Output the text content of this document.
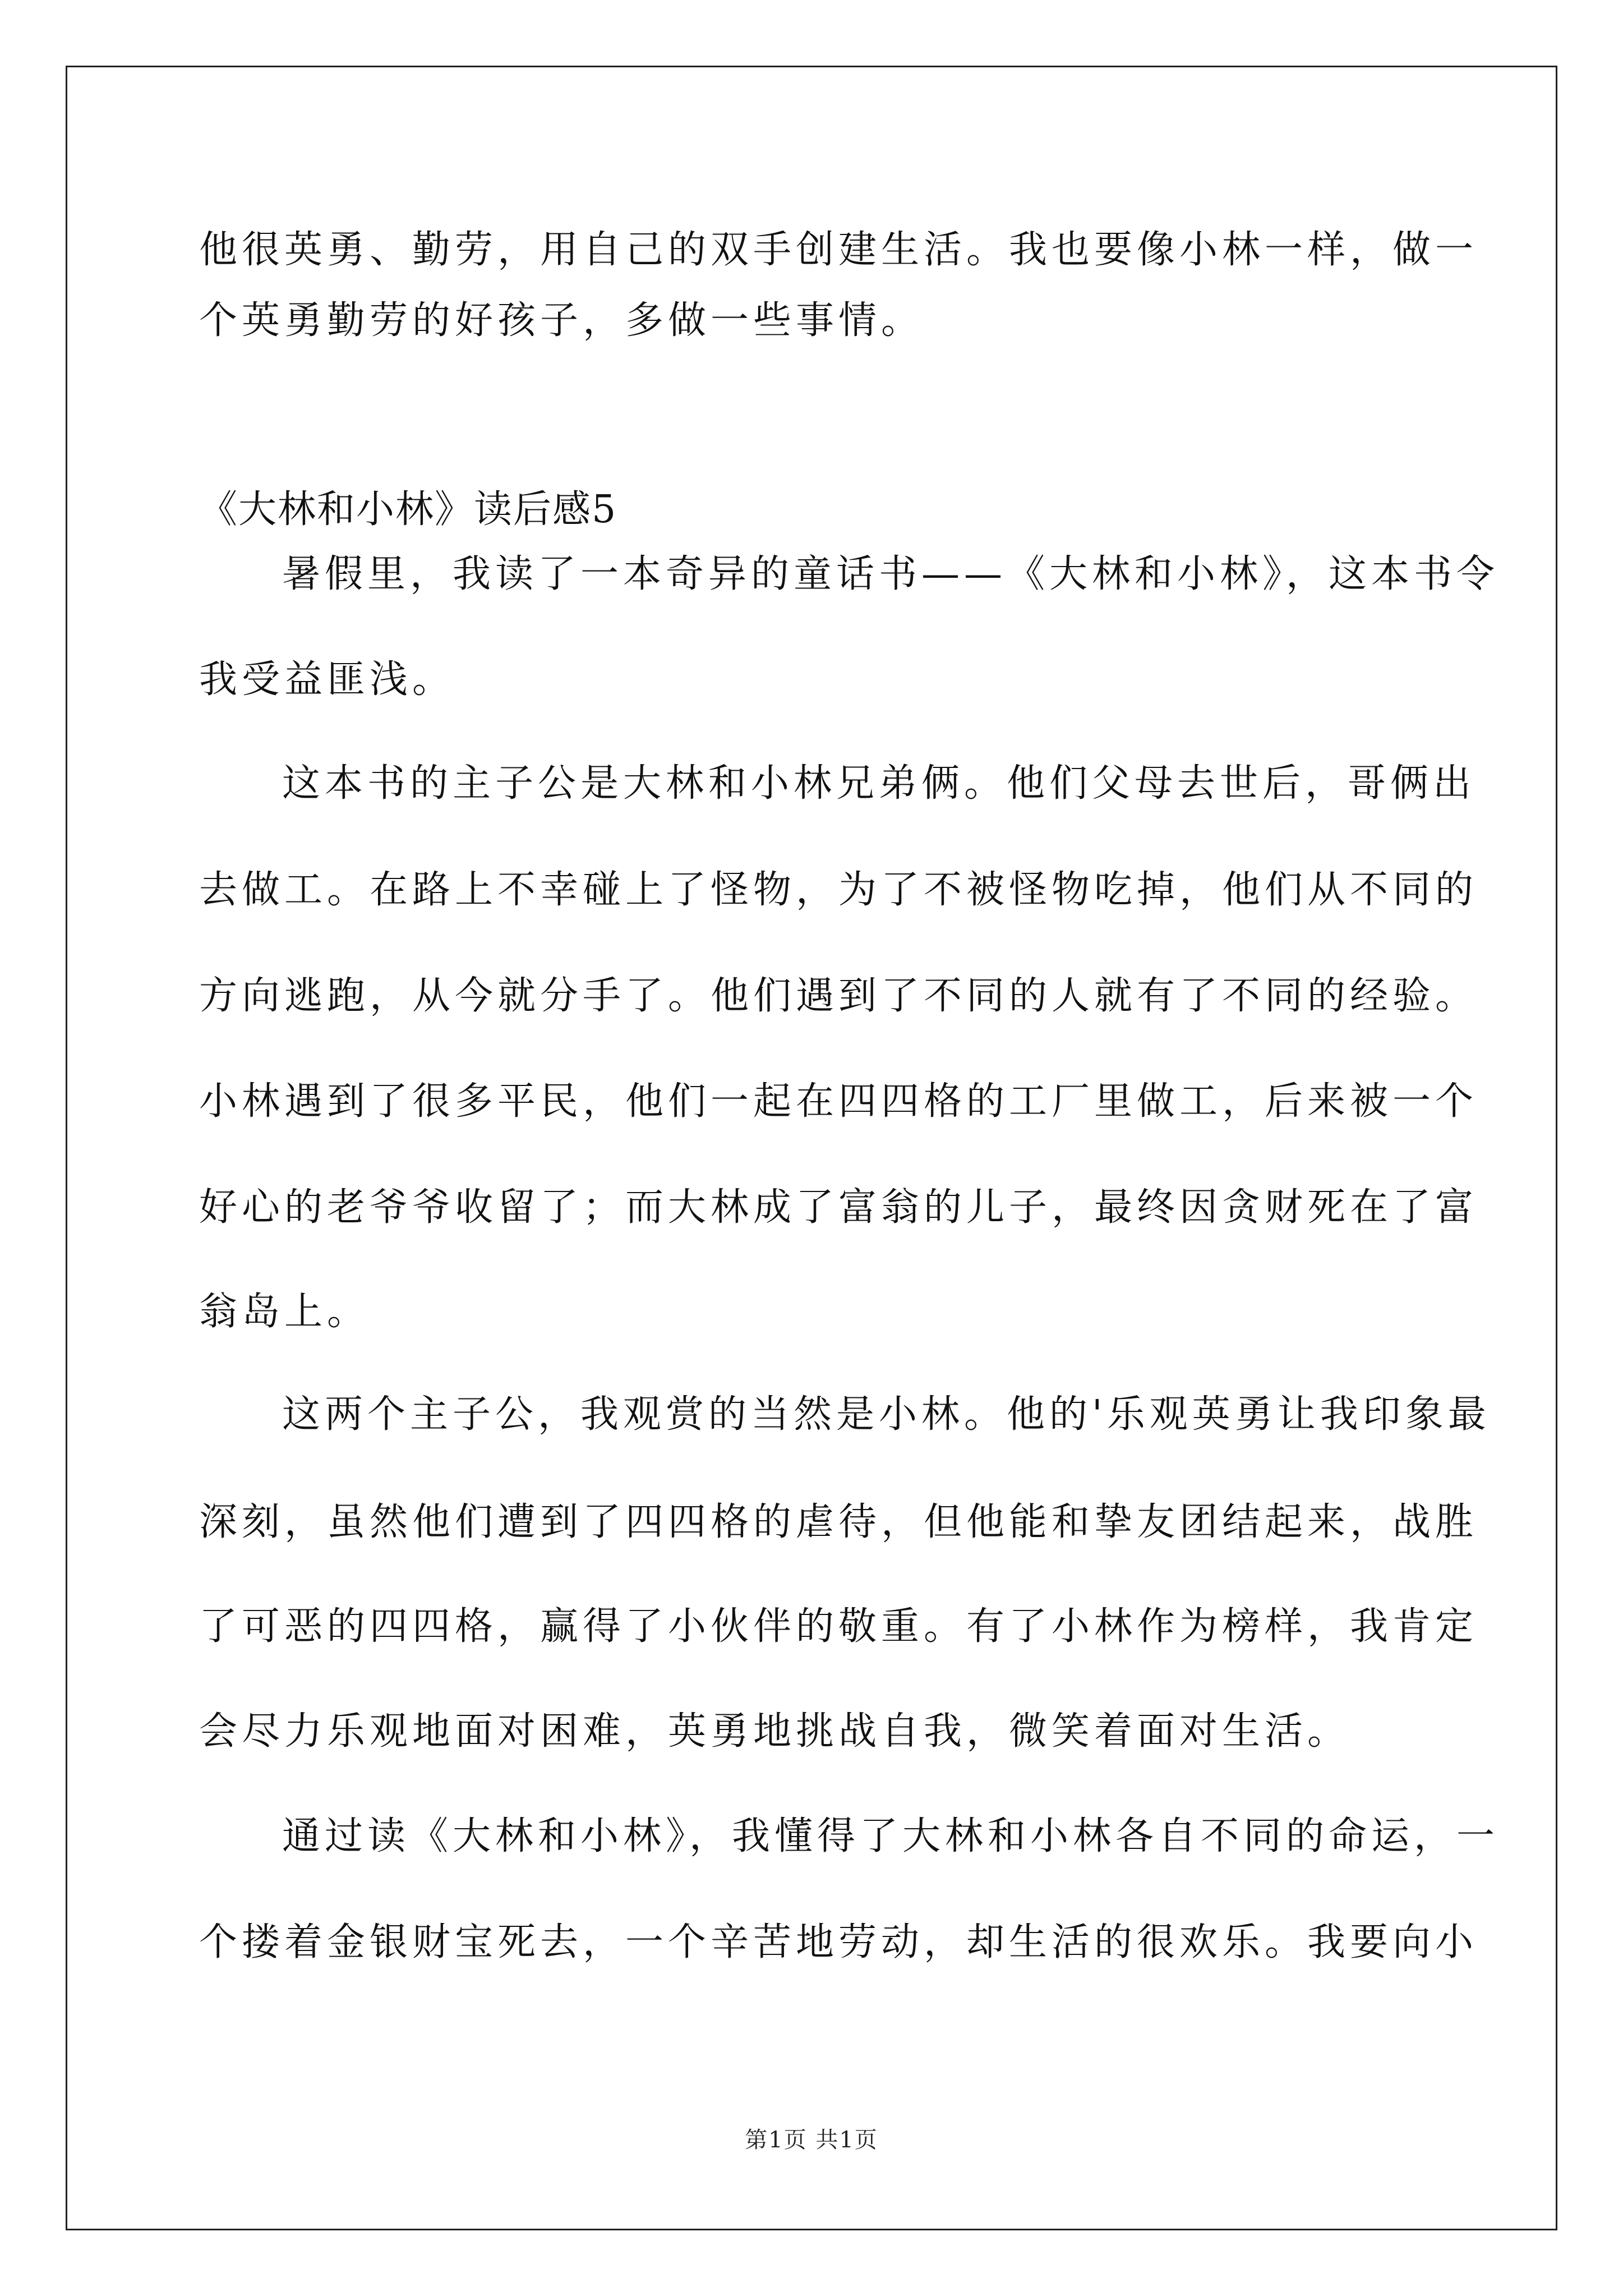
他很英勇、勤劳，用自己的双手创建生活。我也要像小林一样，做一
个英勇勤劳的好孩子，多做一些事情。
《大林和小林》读后感5
暑假里，我读了一本奇异的童话书——《大林和小林》，这本书令
我受益匪浅。
这本书的主子公是大林和小林兄弟俩。他们父母去世后，哥俩出
去做工。在路上不幸碰上了怪物，为了不被怪物吃掉，他们从不同的
方向逃跑，从今就分手了。他们遇到了不同的人就有了不同的经验。
小林遇到了很多平民，他们一起在四四格的工厂里做工，后来被一个
好心的老爷爷收留了；而大林成了富翁的儿子，最终因贪财死在了富
翁岛上。
这两个主子公，我观赏的当然是小林。他的'乐观英勇让我印象最
深刻，虽然他们遭到了四四格的虐待，但他能和挚友团结起来，战胜
了可恶的四四格，赢得了小伙伴的敬重。有了小林作为榜样，我肯定
会尽力乐观地面对困难，英勇地挑战自我，微笑着面对生活。
通过读《大林和小林》，我懂得了大林和小林各自不同的命运，一
个搂着金银财宝死去，一个辛苦地劳动，却生活的很欢乐。我要向小
第1页 共1页
